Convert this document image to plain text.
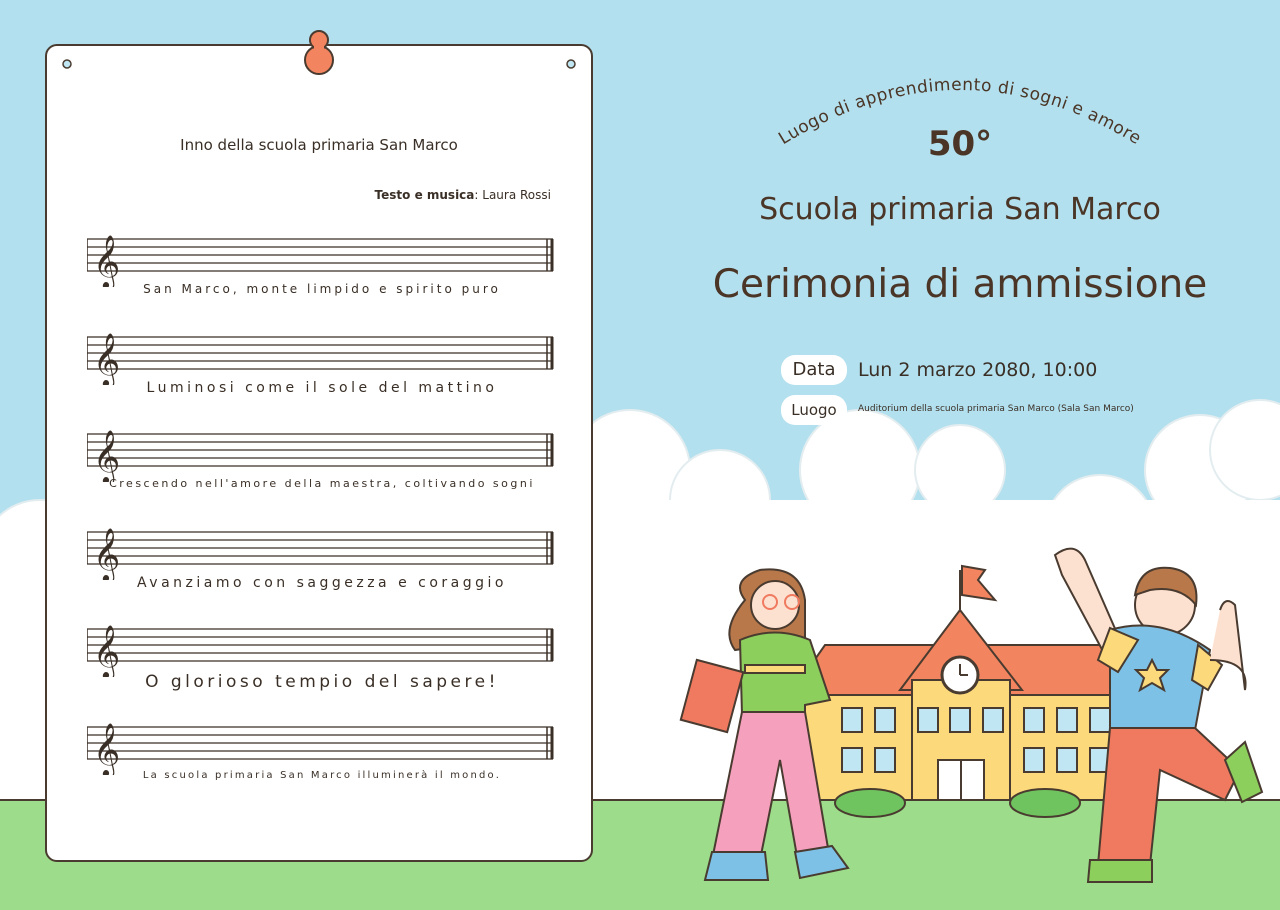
Inno della scuola primaria San Marco
Testo e musica: Laura Rossi
𝄞
San Marco, monte limpido e spirito puro
𝄞
Luminosi come il sole del mattino
𝄞
Crescendo nell'amore della maestra, coltivando sogni
𝄞
Avanziamo con saggezza e coraggio
𝄞
O glorioso tempio del sapere!
𝄞	La scuola primaria San Marco illuminerà il mondo.
Luogo di apprendimento di sogni e amore
50°
Scuola primaria San Marco
Cerimonia di ammissione
Data	Lun 2 marzo 2080, 10:00
Luogo	Auditorium della scuola primaria San Marco (Sala San Marco)
